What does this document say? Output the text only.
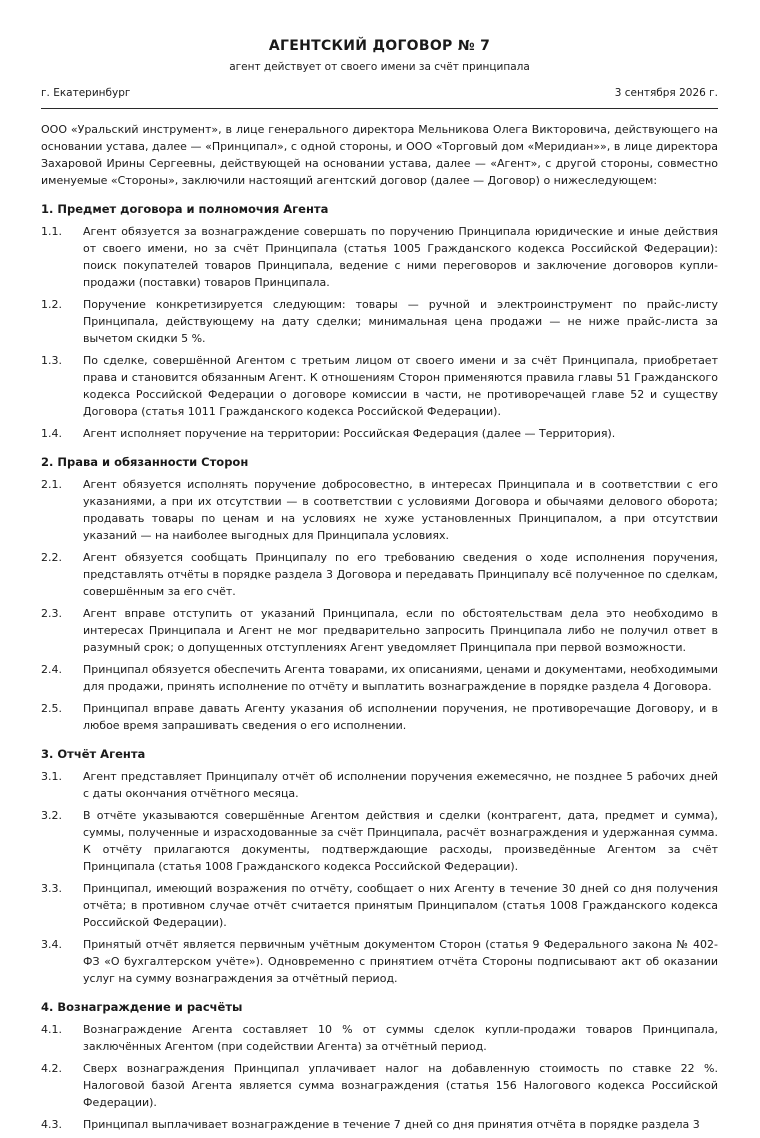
АГЕНТСКИЙ ДОГОВОР № 7
агент действует от своего имени за счёт принципала
г. Екатеринбург	3 сентября 2026 г.
ООО «Уральский инструмент», в лице генерального директора Мельникова Олега Викторовича, действующего на основании устава, далее — «Принципал», с одной стороны, и ООО «Торговый дом «Меридиан»», в лице директора Захаровой Ирины Сергеевны, действующей на основании устава, далее — «Агент», с другой стороны, совместно именуемые «Стороны», заключили настоящий агентский договор (далее — Договор) о нижеследующем:
1. Предмет договора и полномочия Агента
1.1.	Агент обязуется за вознаграждение совершать по поручению Принципала юридические и иные действия от своего имени, но за счёт Принципала (статья 1005 Гражданского кодекса Российской Федерации): поиск покупателей товаров Принципала, ведение с ними переговоров и заключение договоров купли-продажи (поставки) товаров Принципала.
1.2.	Поручение конкретизируется следующим: товары — ручной и электроинструмент по прайс-листу Принципала, действующему на дату сделки; минимальная цена продажи — не ниже прайс-листа за вычетом скидки 5 %.
1.3.	По сделке, совершённой Агентом с третьим лицом от своего имени и за счёт Принципала, приобретает права и становится обязанным Агент. К отношениям Сторон применяются правила главы 51 Гражданского кодекса Российской Федерации о договоре комиссии в части, не противоречащей главе 52 и существу Договора (статья 1011 Гражданского кодекса Российской Федерации).
1.4.	Агент исполняет поручение на территории: Российская Федерация (далее — Территория).
2. Права и обязанности Сторон
2.1.	Агент обязуется исполнять поручение добросовестно, в интересах Принципала и в соответствии с его указаниями, а при их отсутствии — в соответствии с условиями Договора и обычаями делового оборота; продавать товары по ценам и на условиях не хуже установленных Принципалом, а при отсутствии указаний — на наиболее выгодных для Принципала условиях.
2.2.	Агент обязуется сообщать Принципалу по его требованию сведения о ходе исполнения поручения, представлять отчёты в порядке раздела 3 Договора и передавать Принципалу всё полученное по сделкам, совершённым за его счёт.
2.3.	Агент вправе отступить от указаний Принципала, если по обстоятельствам дела это необходимо в интересах Принципала и Агент не мог предварительно запросить Принципала либо не получил ответ в разумный срок; о допущенных отступлениях Агент уведомляет Принципала при первой возможности.
2.4.	Принципал обязуется обеспечить Агента товарами, их описаниями, ценами и документами, необходимыми для продажи, принять исполнение по отчёту и выплатить вознаграждение в порядке раздела 4 Договора.
2.5.	Принципал вправе давать Агенту указания об исполнении поручения, не противоречащие Договору, и в любое время запрашивать сведения о его исполнении.
3. Отчёт Агента
3.1.	Агент представляет Принципалу отчёт об исполнении поручения ежемесячно, не позднее 5 рабочих дней с даты окончания отчётного месяца.
3.2.	В отчёте указываются совершённые Агентом действия и сделки (контрагент, дата, предмет и сумма), суммы, полученные и израсходованные за счёт Принципала, расчёт вознаграждения и удержанная сумма. К отчёту прилагаются документы, подтверждающие расходы, произведённые Агентом за счёт Принципала (статья 1008 Гражданского кодекса Российской Федерации).
3.3.	Принципал, имеющий возражения по отчёту, сообщает о них Агенту в течение 30 дней со дня получения отчёта; в противном случае отчёт считается принятым Принципалом (статья 1008 Гражданского кодекса Российской Федерации).
3.4.	Принятый отчёт является первичным учётным документом Сторон (статья 9 Федерального закона № 402-ФЗ «О бухгалтерском учёте»). Одновременно с принятием отчёта Стороны подписывают акт об оказании услуг на сумму вознаграждения за отчётный период.
4. Вознаграждение и расчёты
4.1.	Вознаграждение Агента составляет 10 % от суммы сделок купли-продажи товаров Принципала, заключённых Агентом (при содействии Агента) за отчётный период.
4.2.	Сверх вознаграждения Принципал уплачивает налог на добавленную стоимость по ставке 22 %. Налоговой базой Агента является сумма вознаграждения (статья 156 Налогового кодекса Российской Федерации).
4.3.	Принципал выплачивает вознаграждение в течение 7 дней со дня принятия отчёта в порядке раздела 3
